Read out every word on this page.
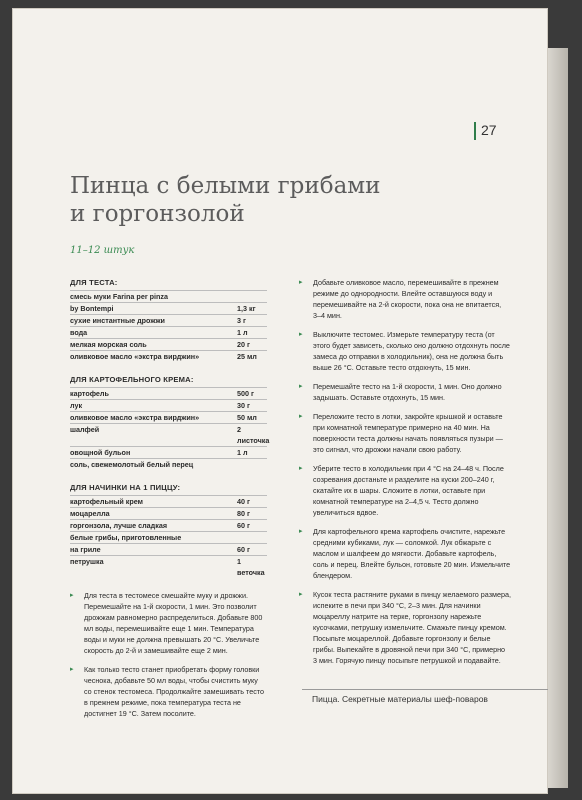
27
Пинца с белыми грибами
и горгонзолой
11–12 штук
ДЛЯ ТЕСТА:
смесь муки Farina per pinza
by Bontempi	1,3 кг
сухие инстантные дрожжи	3 г
вода	1 л
мелкая морская соль	20 г
оливковое масло «экстра вирджин»	25 мл
ДЛЯ КАРТОФЕЛЬНОГО КРЕМА:
картофель	500 г
лук	30 г
оливковое масло «экстра вирджин»	50 мл
шалфей	2 листочка
овощной бульон	1 л
соль, свежемолотый белый перец
ДЛЯ НАЧИНКИ НА 1 ПИЦЦУ:
картофельный крем	40 г
моцарелла	80 г
горгонзола, лучше сладкая	60 г
белые грибы, приготовленные
на гриле	60 г
петрушка	1 веточка
▸ Для теста в тестомесе смешайте муку и дрожжи. Перемешайте на 1-й скорости, 1 мин. Это позволит дрожжам равномерно распределиться. Добавьте 800 мл воды, перемешивайте еще 1 мин. Температура воды и муки не должна превышать 20 °С. Увеличьте скорость до 2-й и замешивайте еще 2 мин.
▸ Как только тесто станет приобретать форму головки чеснока, добавьте 50 мл воды, чтобы счистить муку со стенок тестомеса. Продолжайте замешивать тесто в прежнем режиме, пока температура теста не достигнет 19 °С. Затем посолите.
▸ Добавьте оливковое масло, перемешивайте в прежнем режиме до однородности. Влейте оставшуюся воду и перемешивайте на 2-й скорости, пока она не впитается, 3–4 мин.
▸ Выключите тестомес. Измерьте температуру теста (от этого будет зависеть, сколько оно должно отдохнуть после замеса до отправки в холодильник), она не должна быть выше 26 °С. Оставьте тесто отдохнуть, 15 мин.
▸ Перемешайте тесто на 1-й скорости, 1 мин. Оно должно задышать. Оставьте отдохнуть, 15 мин.
▸ Переложите тесто в лотки, закройте крышкой и оставьте при комнатной температуре примерно на 40 мин. На поверхности теста должны начать появляться пузыри — это сигнал, что дрожжи начали свою работу.
▸ Уберите тесто в холодильник при 4 °С на 24–48 ч. После созревания достаньте и разделите на куски 200–240 г, скатайте их в шары. Сложите в лотки, оставьте при комнатной температуре на 2–4,5 ч. Тесто должно увеличиться вдвое.
▸ Для картофельного крема картофель очистите, нарежьте средними кубиками, лук — соломкой. Лук обжарьте с маслом и шалфеем до мягкости. Добавьте картофель, соль и перец. Влейте бульон, готовьте 20 мин. Измельчите блендером.
▸ Кусок теста растяните руками в пинцу желаемого размера, испеките в печи при 340 °С, 2–3 мин. Для начинки моцареллу натрите на терке, горгонзолу нарежьте кусочками, петрушку измельчите. Смажьте пинцу кремом. Посыпьте моцареллой. Добавьте горгонзолу и белые грибы. Выпекайте в дровяной печи при 340 °С, примерно 3 мин. Горячую пинцу посыпьте петрушкой и подавайте.
Пицца. Секретные материалы шеф-поваров
